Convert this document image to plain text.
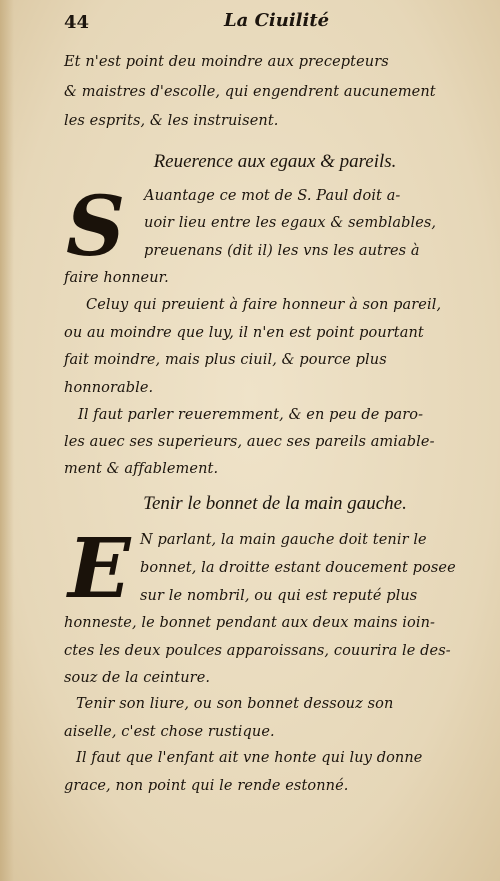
44	La Ciuilité

Et n'est point deu moindre aux precepteurs

& maistres d'escolle, qui engendrent aucunement

les esprits, & les instruisent.

Reuerence aux egaux & pareils.

S Auantage ce mot de S. Paul doit a-

uoir lieu entre les egaux & semblables,

preuenans (dit il) les vns les autres à

faire honneur.

Celuy qui preuient à faire honneur à son pareil,

ou au moindre que luy, il n'en est point pourtant

fait moindre, mais plus ciuil, & pource plus

honnorable.

Il faut parler reueremment, & en peu de paro-

les auec ses superieurs, auec ses pareils amiable-

ment & affablement.

Tenir le bonnet de la main gauche.

E N parlant, la main gauche doit tenir le

bonnet, la droitte estant doucement posee

sur le nombril, ou qui est reputé plus

honneste, le bonnet pendant aux deux mains ioin-

ctes les deux poulces apparoissans, couurira le des-

souz de la ceinture.

Tenir son liure, ou son bonnet dessouz son

aiselle, c'est chose rustique.

Il faut que l'enfant ait vne honte qui luy donne

grace, non point qui le rende estonné.
